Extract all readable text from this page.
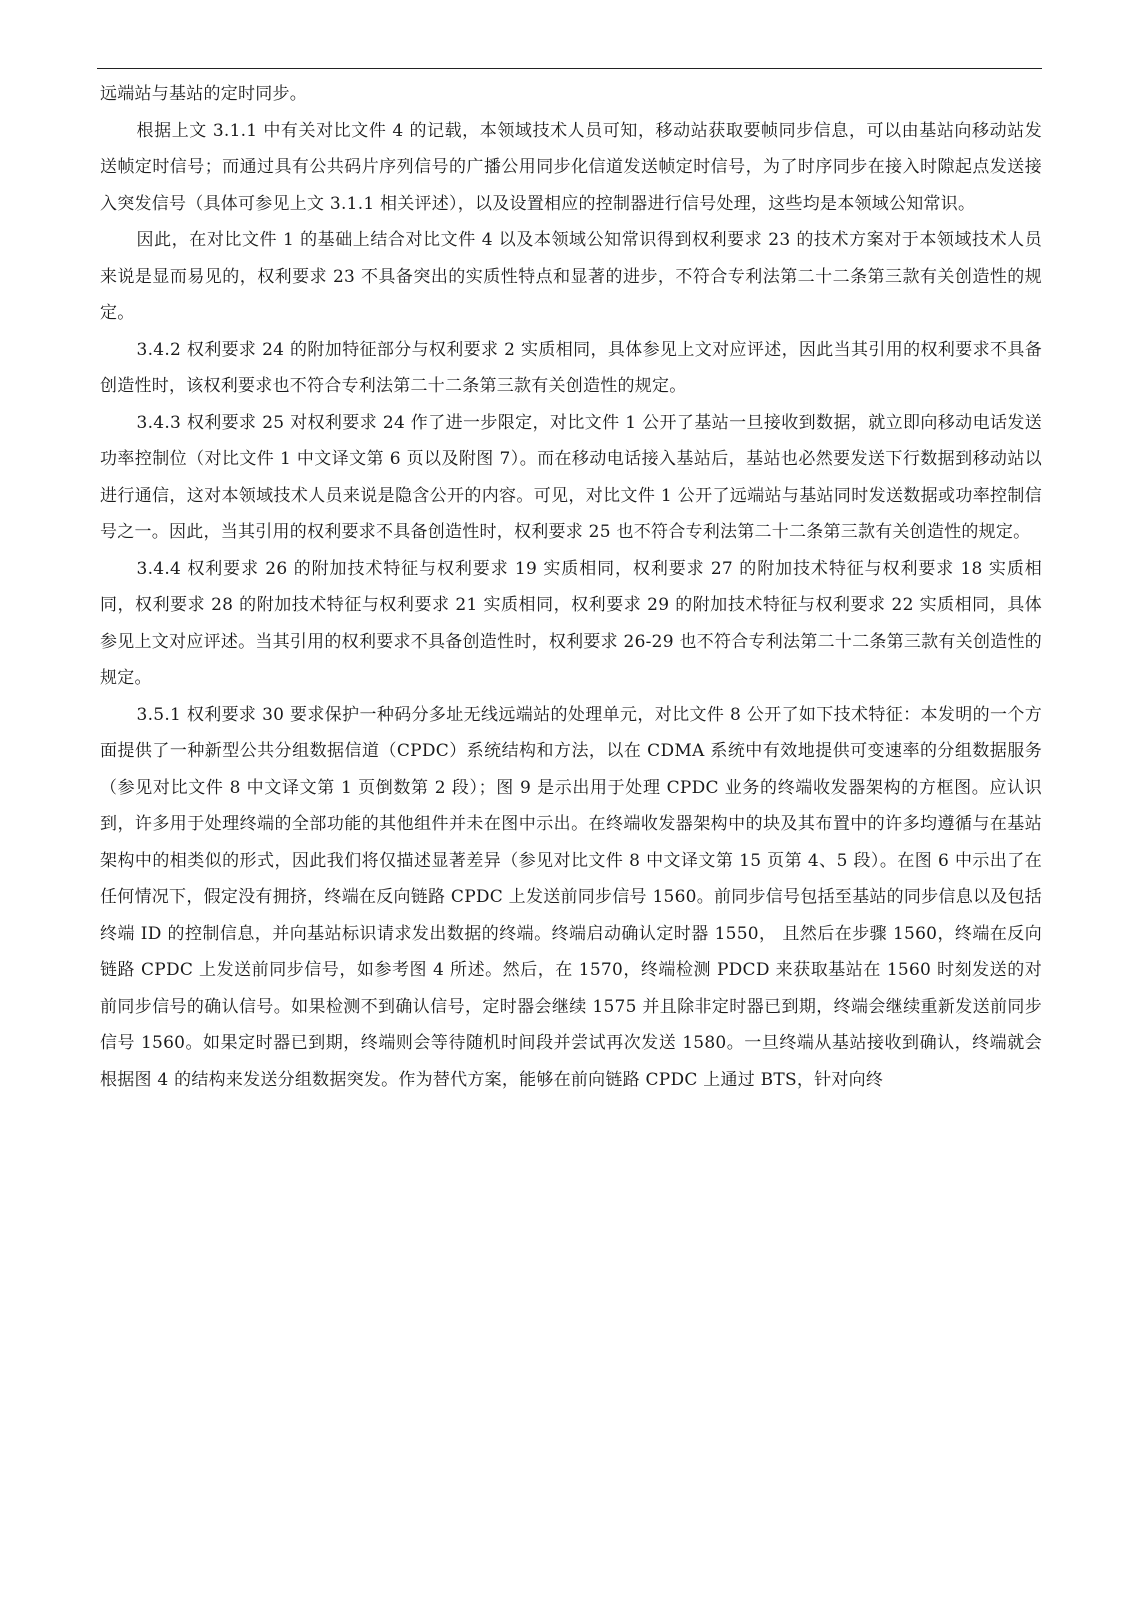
远端站与基站的定时同步。

根据上文 3.1.1 中有关对比文件 4 的记载，本领域技术人员可知，移动站获取要帧同步信息，可以由基站向移动站发送帧定时信号；而通过具有公共码片序列信号的广播公用同步化信道发送帧定时信号，为了时序同步在接入时隙起点发送接入突发信号（具体可参见上文 3.1.1 相关评述），以及设置相应的控制器进行信号处理，这些均是本领域公知常识。

因此，在对比文件 1 的基础上结合对比文件 4 以及本领域公知常识得到权利要求 23 的技术方案对于本领域技术人员来说是显而易见的，权利要求 23 不具备突出的实质性特点和显著的进步，不符合专利法第二十二条第三款有关创造性的规定。

3.4.2 权利要求 24 的附加特征部分与权利要求 2 实质相同，具体参见上文对应评述，因此当其引用的权利要求不具备创造性时，该权利要求也不符合专利法第二十二条第三款有关创造性的规定。

3.4.3 权利要求 25 对权利要求 24 作了进一步限定，对比文件 1 公开了基站一旦接收到数据，就立即向移动电话发送功率控制位（对比文件 1 中文译文第 6 页以及附图 7）。而在移动电话接入基站后，基站也必然要发送下行数据到移动站以进行通信，这对本领域技术人员来说是隐含公开的内容。可见，对比文件 1 公开了远端站与基站同时发送数据或功率控制信号之一。因此，当其引用的权利要求不具备创造性时，权利要求 25 也不符合专利法第二十二条第三款有关创造性的规定。

3.4.4 权利要求 26 的附加技术特征与权利要求 19 实质相同，权利要求 27 的附加技术特征与权利要求 18 实质相同，权利要求 28 的附加技术特征与权利要求 21 实质相同，权利要求 29 的附加技术特征与权利要求 22 实质相同，具体参见上文对应评述。当其引用的权利要求不具备创造性时，权利要求 26-29 也不符合专利法第二十二条第三款有关创造性的规定。

3.5.1 权利要求 30 要求保护一种码分多址无线远端站的处理单元，对比文件 8 公开了如下技术特征：本发明的一个方面提供了一种新型公共分组数据信道（CPDC）系统结构和方法，以在 CDMA 系统中有效地提供可变速率的分组数据服务（参见对比文件 8 中文译文第 1 页倒数第 2 段）；图 9 是示出用于处理 CPDC 业务的终端收发器架构的方框图。应认识到，许多用于处理终端的全部功能的其他组件并未在图中示出。在终端收发器架构中的块及其布置中的许多均遵循与在基站架构中的相类似的形式，因此我们将仅描述显著差异（参见对比文件 8 中文译文第 15 页第 4、5 段）。在图 6 中示出了在任何情况下，假定没有拥挤，终端在反向链路 CPDC 上发送前同步信号 1560。前同步信号包括至基站的同步信息以及包括终端 ID 的控制信息，并向基站标识请求发出数据的终端。终端启动确认定时器 1550， 且然后在步骤 1560，终端在反向链路 CPDC 上发送前同步信号，如参考图 4 所述。然后，在 1570，终端检测 PDCD 来获取基站在 1560 时刻发送的对前同步信号的确认信号。如果检测不到确认信号，定时器会继续 1575 并且除非定时器已到期，终端会继续重新发送前同步信号 1560。如果定时器已到期，终端则会等待随机时间段并尝试再次发送 1580。一旦终端从基站接收到确认，终端就会根据图 4 的结构来发送分组数据突发。作为替代方案，能够在前向链路 CPDC 上通过 BTS，针对向终
